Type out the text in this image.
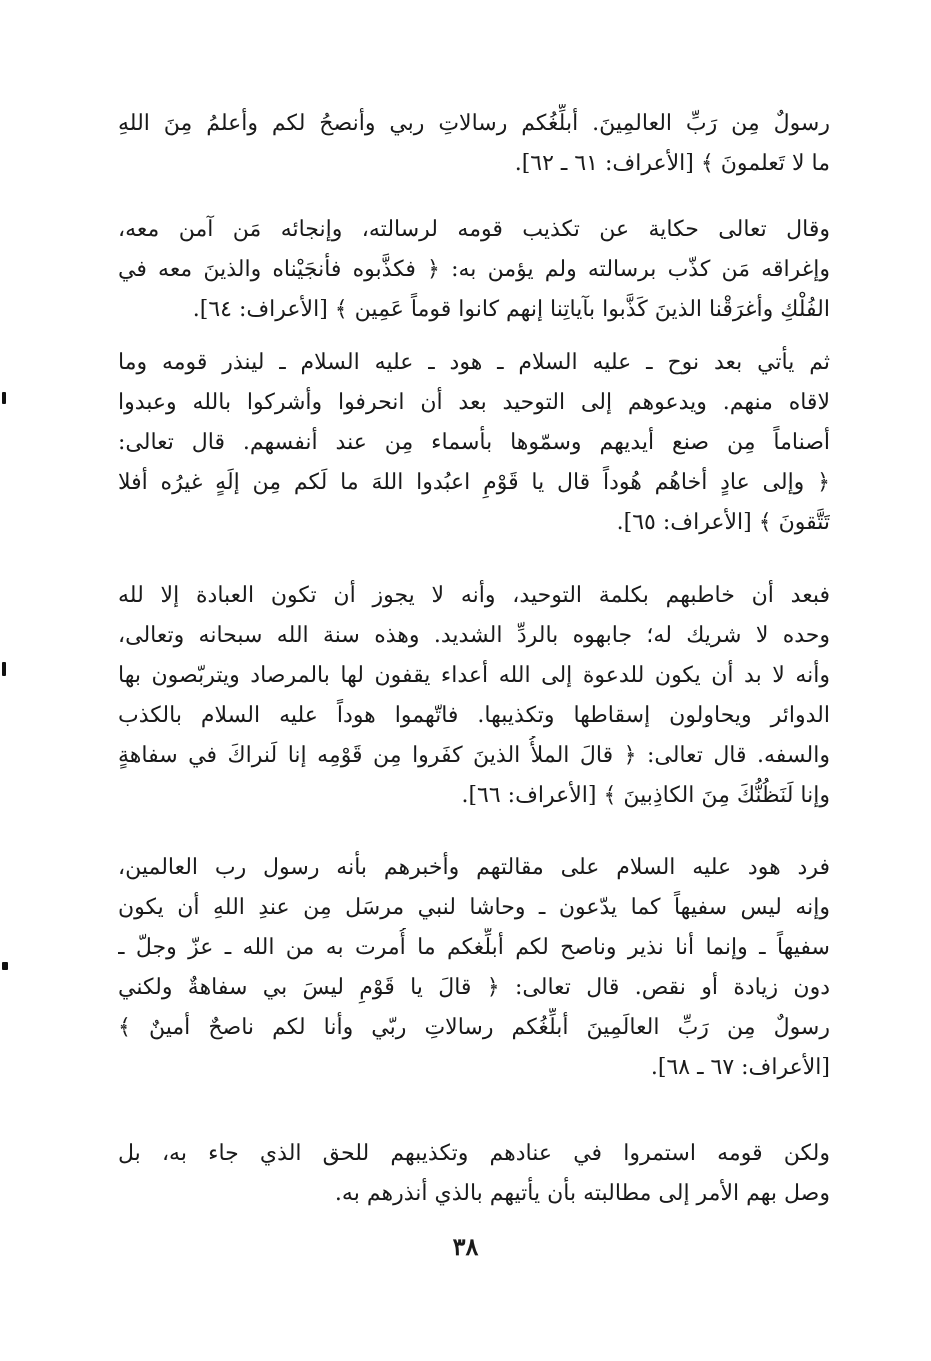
رسولٌ مِن رَبِّ العالمِينَ. أبلِّغُكم رسالاتِ ربي وأنصحُ لكم وأعلمُ مِنَ اللهِ
ما لا تَعلمونَ ﴾ [الأعراف: ٦١ ـ ٦٢].
وقال تعالى حكاية عن تكذيب قومه لرسالته، وإنجائه مَن آمن معه،
وإغراقه مَن كذّب برسالته ولم يؤمن به: ﴿ فكذَّبوه فأنجَيْناه والذينَ معه في
الفُلْكِ وأغرَقْنا الذينَ كَذَّبوا بآياتِنا إنهم كانوا قوماً عَمِين ﴾ [الأعراف: ٦٤].
ثم يأتي بعد نوح ـ عليه السلام ـ هود ـ عليه السلام ـ لينذر قومه وما
لاقاه منهم. ويدعوهم إلى التوحيد بعد أن انحرفوا وأشركوا بالله وعبدوا
أصناماً مِن صنع أيديهم وسمّوها بأسماء مِن عند أنفسهم. قال تعالى:
﴿ وإلى عادٍ أخاهُم هُوداً قال يا قَوْمِ اعبُدوا اللهَ ما لَكم مِن إلَهٍ غيرُه أفلا
تَتَّقونَ ﴾ [الأعراف: ٦٥].
فبعد أن خاطبهم بكلمة التوحيد، وأنه لا يجوز أن تكون العبادة إلا لله
وحده لا شريك له؛ جابهوه بالردِّ الشديد. وهذه سنة الله سبحانه وتعالى،
وأنه لا بد أن يكون للدعوة إلى الله أعداء يقفون لها بالمرصاد ويتربّصون بها
الدوائر ويحاولون إسقاطها وتكذيبها. فاتّهموا هوداً عليه السلام بالكذب
والسفه. قال تعالى: ﴿ قالَ الملأُ الذينَ كفَروا مِن قَوْمِه إنا لَنراكَ في سفاهةٍ
وإنا لَنَظُنُّكَ مِنَ الكاذِبينَ ﴾ [الأعراف: ٦٦].
فرد هود عليه السلام على مقالتهم وأخبرهم بأنه رسول رب العالمين،
وإنه ليس سفيهاً كما يدّعون ـ وحاشا لنبي مرسَل مِن عندِ اللهِ أن يكون
سفيهاً ـ وإنما أنا نذير وناصح لكم أبلِّغكم ما أُمرت به من الله ـ عزّ وجلّ ـ
دون زيادة أو نقص. قال تعالى: ﴿ قالَ يا قَوْمِ ليسَ بي سفاهةٌ ولكني
رسولٌ مِن رَبِّ العالَمِينَ أبلِّغُكم رسالاتِ ربّي وأنا لكم ناصحٌ أمينٌ ﴾
[الأعراف: ٦٧ ـ ٦٨].
ولكن قومه استمروا في عنادهم وتكذيبهم للحق الذي جاء به، بل
وصل بهم الأمر إلى مطالبته بأن يأتيهم بالذي أنذرهم به.
٣٨
